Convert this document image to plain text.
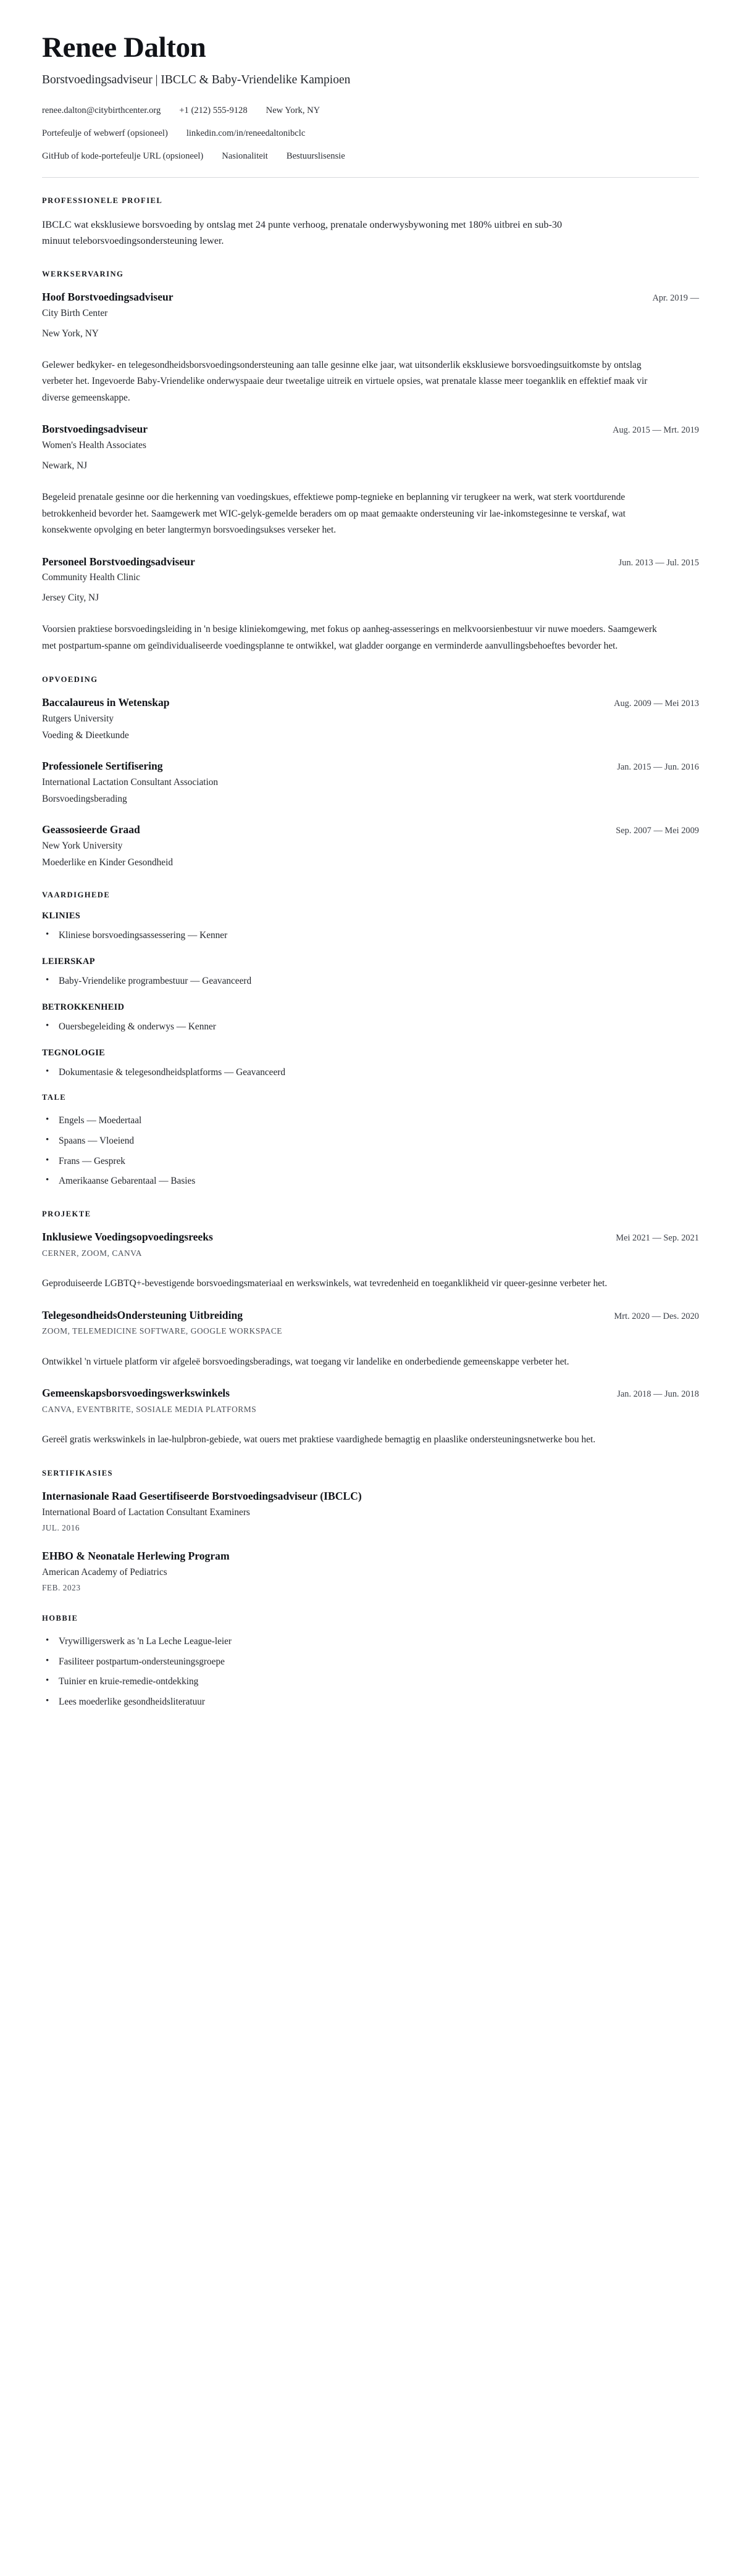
Renee Dalton
Borstvoedingsadviseur | IBCLC & Baby-Vriendelike Kampioen
renee.dalton@citybirthcenter.org +1 (212) 555-9128 New York, NY
Portefeulje of webwerf (opsioneel) linkedin.com/in/reneedaltonibclc
GitHub of kode-portefeulje URL (opsioneel) Nasionaliteit Bestuurslisensie
PROFESSIONELE PROFIEL

IBCLC wat eksklusiewe borsvoeding by ontslag met 24 punte verhoog, prenatale onderwysbywoning met 180% uitbrei en sub-30 minuut teleborsvoedingsondersteuning lewer.

WERKSERVARING
Hoof Borstvoedingsadviseur	Apr. 2019 —
City Birth Center
New York, NY

Gelewer bedkyker- en telegesondheidsborsvoedingsondersteuning aan talle gesinne elke jaar, wat uitsonderlik eksklusiewe borsvoedingsuitkomste by ontslag verbeter het. Ingevoerde Baby-Vriendelike onderwyspaaie deur tweetalige uitreik en virtuele opsies, wat prenatale klasse meer toeganklik en effektief maak vir diverse gemeenskappe.

Borstvoedingsadviseur	Aug. 2015 — Mrt. 2019
Women's Health Associates
Newark, NJ

Begeleid prenatale gesinne oor die herkenning van voedingskues, effektiewe pomp-tegnieke en beplanning vir terugkeer na werk, wat sterk voortdurende betrokkenheid bevorder het. Saamgewerk met WIC-gelyk-gemelde beraders om op maat gemaakte ondersteuning vir lae-inkomstegesinne te verskaf, wat konsekwente opvolging en beter langtermyn borsvoedingsukses verseker het.

Personeel Borstvoedingsadviseur	Jun. 2013 — Jul. 2015
Community Health Clinic
Jersey City, NJ

Voorsien praktiese borsvoedingsleiding in 'n besige kliniekomgewing, met fokus op aanheg-assesserings en melkvoorsienbestuur vir nuwe moeders. Saamgewerk met postpartum-spanne om geïndividualiseerde voedingsplanne te ontwikkel, wat gladder oorgange en verminderde aanvullingsbehoeftes bevorder het.

OPVOEDING
Baccalaureus in Wetenskap	Aug. 2009 — Mei 2013
Rutgers University
Voeding & Dieetkunde
Professionele Sertifisering	Jan. 2015 — Jun. 2016
International Lactation Consultant Association
Borsvoedingsberading
Geassosieerde Graad	Sep. 2007 — Mei 2009
New York University
Moederlike en Kinder Gesondheid
VAARDIGHEDE
KLINIES
• Kliniese borsvoedingsassessering — Kenner
LEIERSKAP
• Baby-Vriendelike programbestuur — Geavanceerd
BETROKKENHEID
• Ouersbegeleiding & onderwys — Kenner
TEGNOLOGIE
• Dokumentasie & telegesondheidsplatforms — Geavanceerd
TALE
• Engels — Moedertaal
• Spaans — Vloeiend
• Frans — Gesprek
• Amerikaanse Gebarentaal — Basies
PROJEKTE
Inklusiewe Voedingsopvoedingsreeks	Mei 2021 — Sep. 2021
CERNER, ZOOM, CANVA

Geproduiseerde LGBTQ+-bevestigende borsvoedingsmateriaal en werkswinkels, wat tevredenheid en toeganklikheid vir queer-gesinne verbeter het.

TelegesondheidsOndersteuning Uitbreiding	Mrt. 2020 — Des. 2020
ZOOM, TELEMEDICINE SOFTWARE, GOOGLE WORKSPACE

Ontwikkel 'n virtuele platform vir afgeleë borsvoedingsberadings, wat toegang vir landelike en onderbediende gemeenskappe verbeter het.

Gemeenskapsborsvoedingswerkswinkels	Jan. 2018 — Jun. 2018
CANVA, EVENTBRITE, SOSIALE MEDIA PLATFORMS

Gereël gratis werkswinkels in lae-hulpbron-gebiede, wat ouers met praktiese vaardighede bemagtig en plaaslike ondersteuningsnetwerke bou het.

SERTIFIKASIES
Internasionale Raad Gesertifiseerde Borstvoedingsadviseur (IBCLC)
International Board of Lactation Consultant Examiners
JUL. 2016
EHBO & Neonatale Herlewing Program
American Academy of Pediatrics
FEB. 2023
HOBBIE
• Vrywilligerswerk as 'n La Leche League-leier
• Fasiliteer postpartum-ondersteuningsgroepe
• Tuinier en kruie-remedie-ontdekking
• Lees moederlike gesondheidsliteratuur
